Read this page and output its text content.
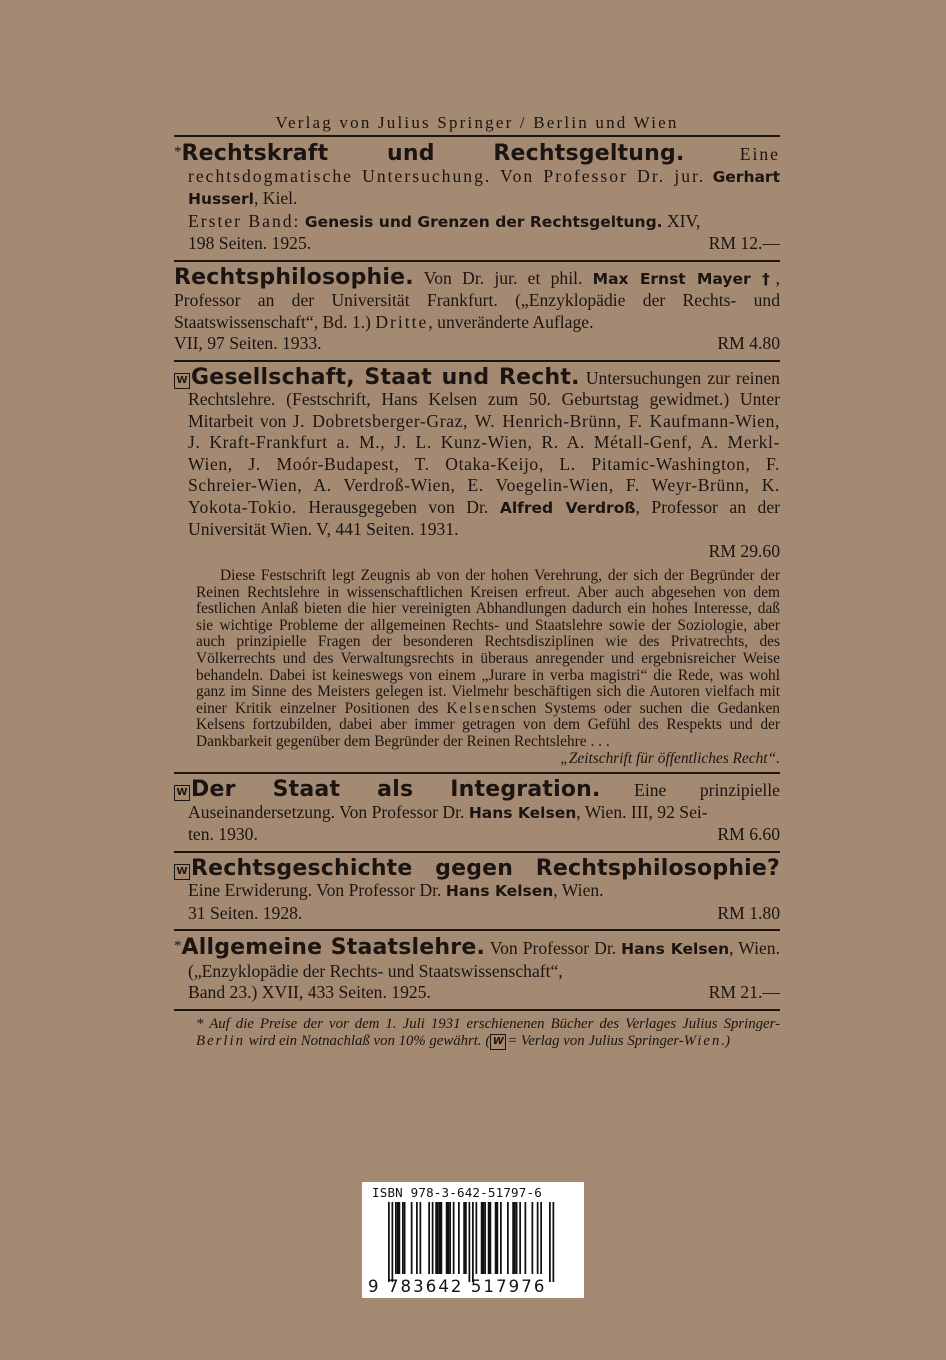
Verlag von Julius Springer / Berlin und Wien
*Rechtskraft und Rechtsgeltung.	Eine rechtsdogmatische Untersuchung. Von Professor Dr. jur. Gerhart Husserl, Kiel.
Erster Band: Genesis und Grenzen der Rechtsgeltung. XIV,
198 Seiten. 1925.	RM 12.—
Rechtsphilosophie. Von Dr. jur. et phil. Max Ernst Mayer †, Professor an der Universität Frankfurt. („Enzyklopädie der Rechts- und Staatswissenschaft“, Bd. 1.) Dritte, unveränderte Auflage.
VII, 97 Seiten. 1933.	RM 4.80
W Gesellschaft, Staat und Recht. Untersuchungen zur reinen Rechtslehre. (Festschrift, Hans Kelsen zum 50. Geburtstag gewidmet.) Unter Mitarbeit von J. Dobretsberger-Graz, W. Henrich-Brünn, F. Kaufmann-Wien, J. Kraft-Frankfurt a. M., J. L. Kunz-Wien, R. A. Métall-Genf, A. Merkl-Wien, J. Moór-Budapest, T. Otaka-Keijo, L. Pitamic-Washington, F. Schreier-Wien, A. Verdroß-Wien, E. Voegelin-Wien, F. Weyr-Brünn, K. Yokota-Tokio. Herausgegeben von Dr. Alfred Verdroß, Professor an der Universität Wien. V, 441 Seiten. 1931.
RM 29.60
Diese Festschrift legt Zeugnis ab von der hohen Verehrung, der sich der Begründer der Reinen Rechtslehre in wissenschaftlichen Kreisen erfreut. Aber auch abgesehen von dem festlichen Anlaß bieten die hier vereinigten Abhandlungen dadurch ein hohes Interesse, daß sie wichtige Probleme der allgemeinen Rechts- und Staatslehre sowie der Soziologie, aber auch prinzipielle Fragen der besonderen Rechtsdisziplinen wie des Privatrechts, des Völkerrechts und des Verwaltungsrechts in überaus anregender und ergebnisreicher Weise behandeln. Dabei ist keineswegs von einem „Jurare in verba magistri“ die Rede, was wohl ganz im Sinne des Meisters gelegen ist. Vielmehr beschäftigen sich die Autoren vielfach mit einer Kritik einzelner Positionen des Kelsenschen Systems oder suchen die Gedanken Kelsens fortzubilden, dabei aber immer getragen von dem Gefühl des Respekts und der Dankbarkeit gegenüber dem Begründer der Reinen Rechtslehre . . .
„Zeitschrift für öffentliches Recht“.
W Der Staat als Integration. Eine prinzipielle Auseinandersetzung. Von Professor Dr. Hans Kelsen, Wien. III, 92 Sei-
ten. 1930.	RM 6.60
W Rechtsgeschichte gegen Rechtsphilosophie? Eine Erwiderung. Von Professor Dr. Hans Kelsen, Wien.
31 Seiten. 1928.	RM 1.80
*Allgemeine Staatslehre. Von Professor Dr. Hans Kelsen, Wien. („Enzyklopädie der Rechts- und Staatswissenschaft“,
Band 23.) XVII, 433 Seiten. 1925.	RM 21.—
* Auf die Preise der vor dem 1. Juli 1931 erschienenen Bücher des Verlages Julius Springer-Berlin wird ein Notnachlaß von 10% gewährt. ( W = Verlag von Julius Springer-Wien.)
ISBN 978-3-642-51797-6
9 783642 517976
